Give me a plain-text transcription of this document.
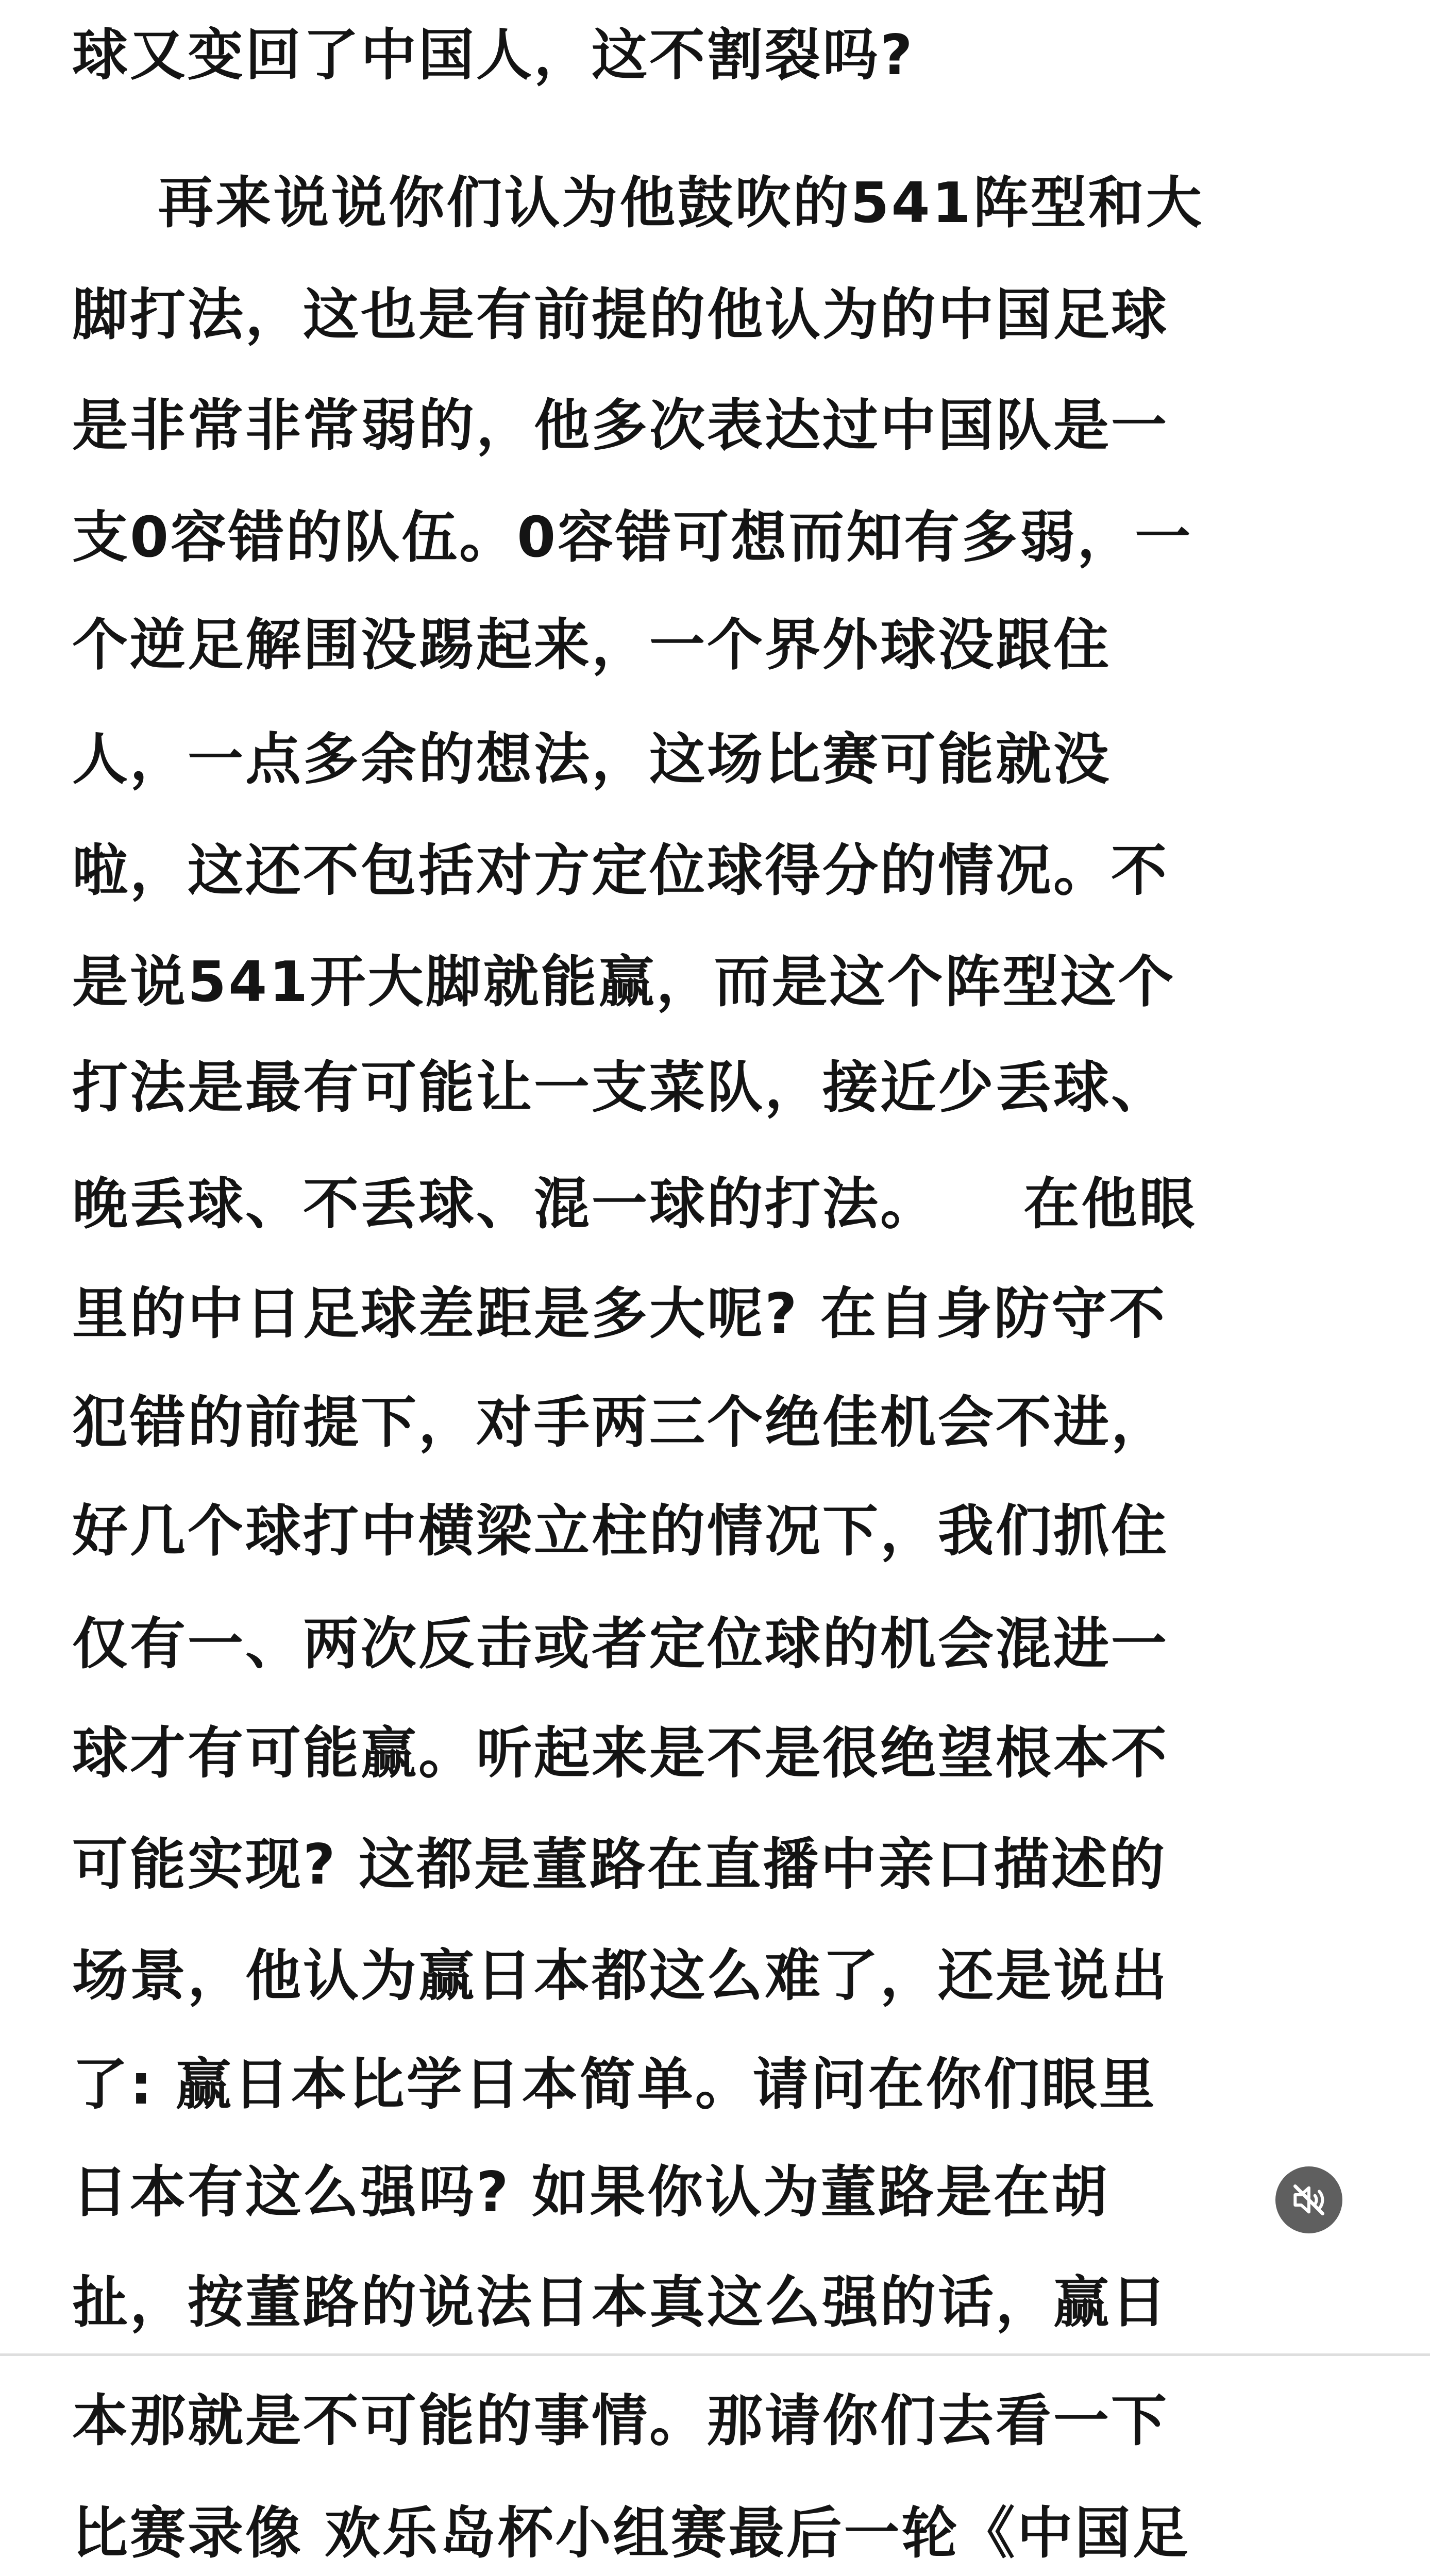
球又变回了中国人，这不割裂吗?
再来说说你们认为他鼓吹的541阵型和大
脚打法，这也是有前提的他认为的中国足球
是非常非常弱的，他多次表达过中国队是一
支0容错的队伍。0容错可想而知有多弱，一
个逆足解围没踢起来，一个界外球没跟住
人，一点多余的想法，这场比赛可能就没
啦，这还不包括对方定位球得分的情况。不
是说541开大脚就能赢，而是这个阵型这个
打法是最有可能让一支菜队，接近少丢球、
晚丢球、不丢球、混一球的打法。    在他眼
里的中日足球差距是多大呢? 在自身防守不
犯错的前提下，对手两三个绝佳机会不进，
好几个球打中横梁立柱的情况下，我们抓住
仅有一、两次反击或者定位球的机会混进一
球才有可能赢。听起来是不是很绝望根本不
可能实现? 这都是董路在直播中亲口描述的
场景，他认为赢日本都这么难了，还是说出
了: 赢日本比学日本简单。请问在你们眼里
日本有这么强吗? 如果你认为董路是在胡
扯，按董路的说法日本真这么强的话，赢日
本那就是不可能的事情。那请你们去看一下
比赛录像 欢乐岛杯小组赛最后一轮《中国足
